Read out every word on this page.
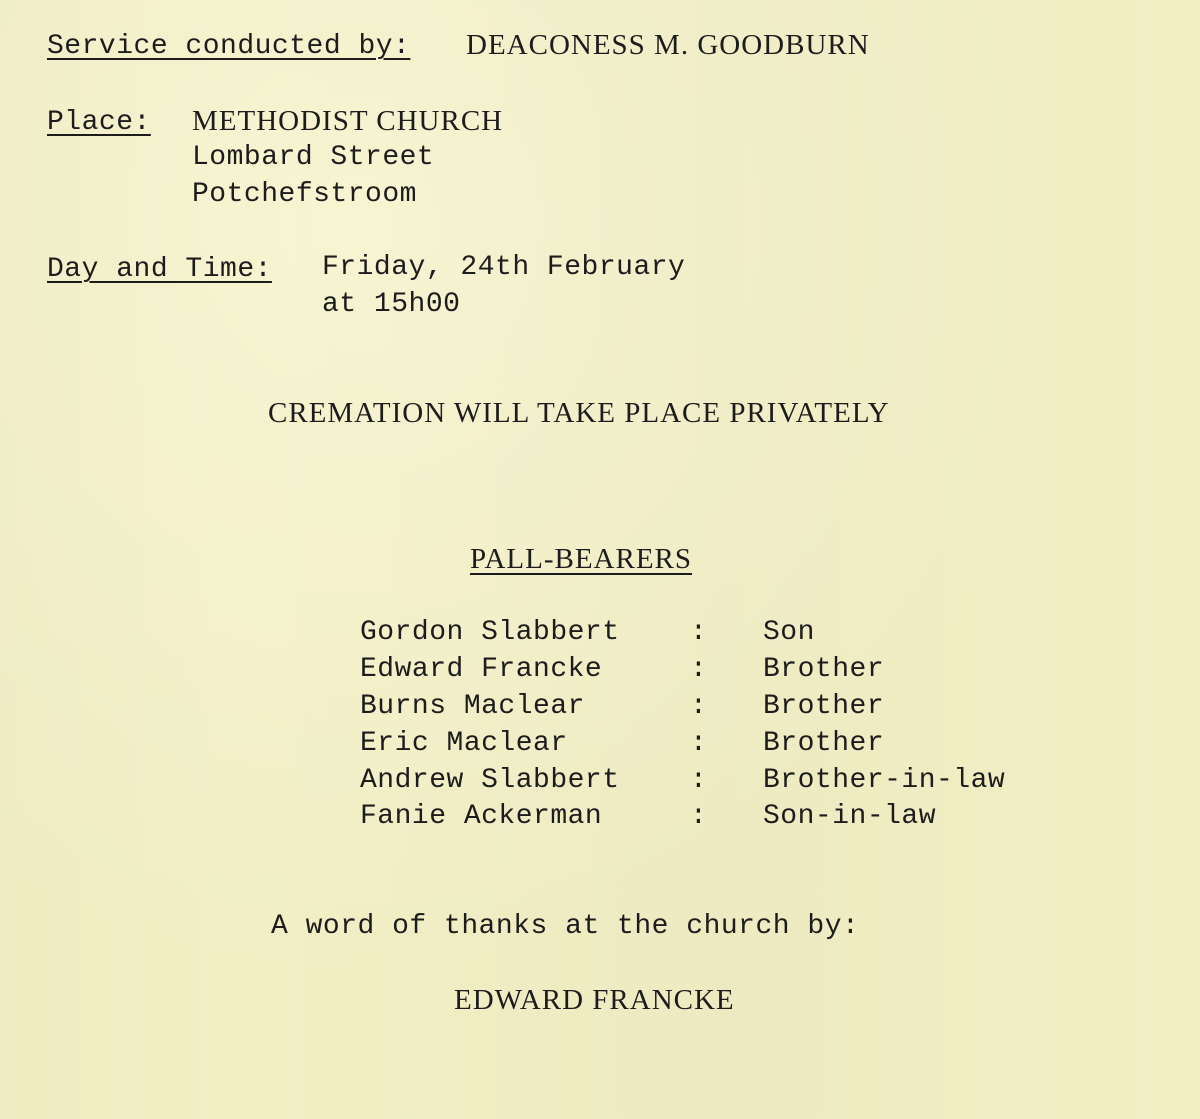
Service conducted by: DEACONESS M. GOODBURN
Place: METHODIST CHURCH
Lombard Street
Potchefstroom
Day and Time: Friday, 24th February
at 15h00
CREMATION WILL TAKE PLACE PRIVATELY
PALL-BEARERS
Gordon Slabbert	: Son
Edward Francke	: Brother
Burns Maclear	: Brother
Eric Maclear	: Brother
Andrew Slabbert	: Brother-in-law
Fanie Ackerman	: Son-in-law
A word of thanks at the church by:
EDWARD FRANCKE
